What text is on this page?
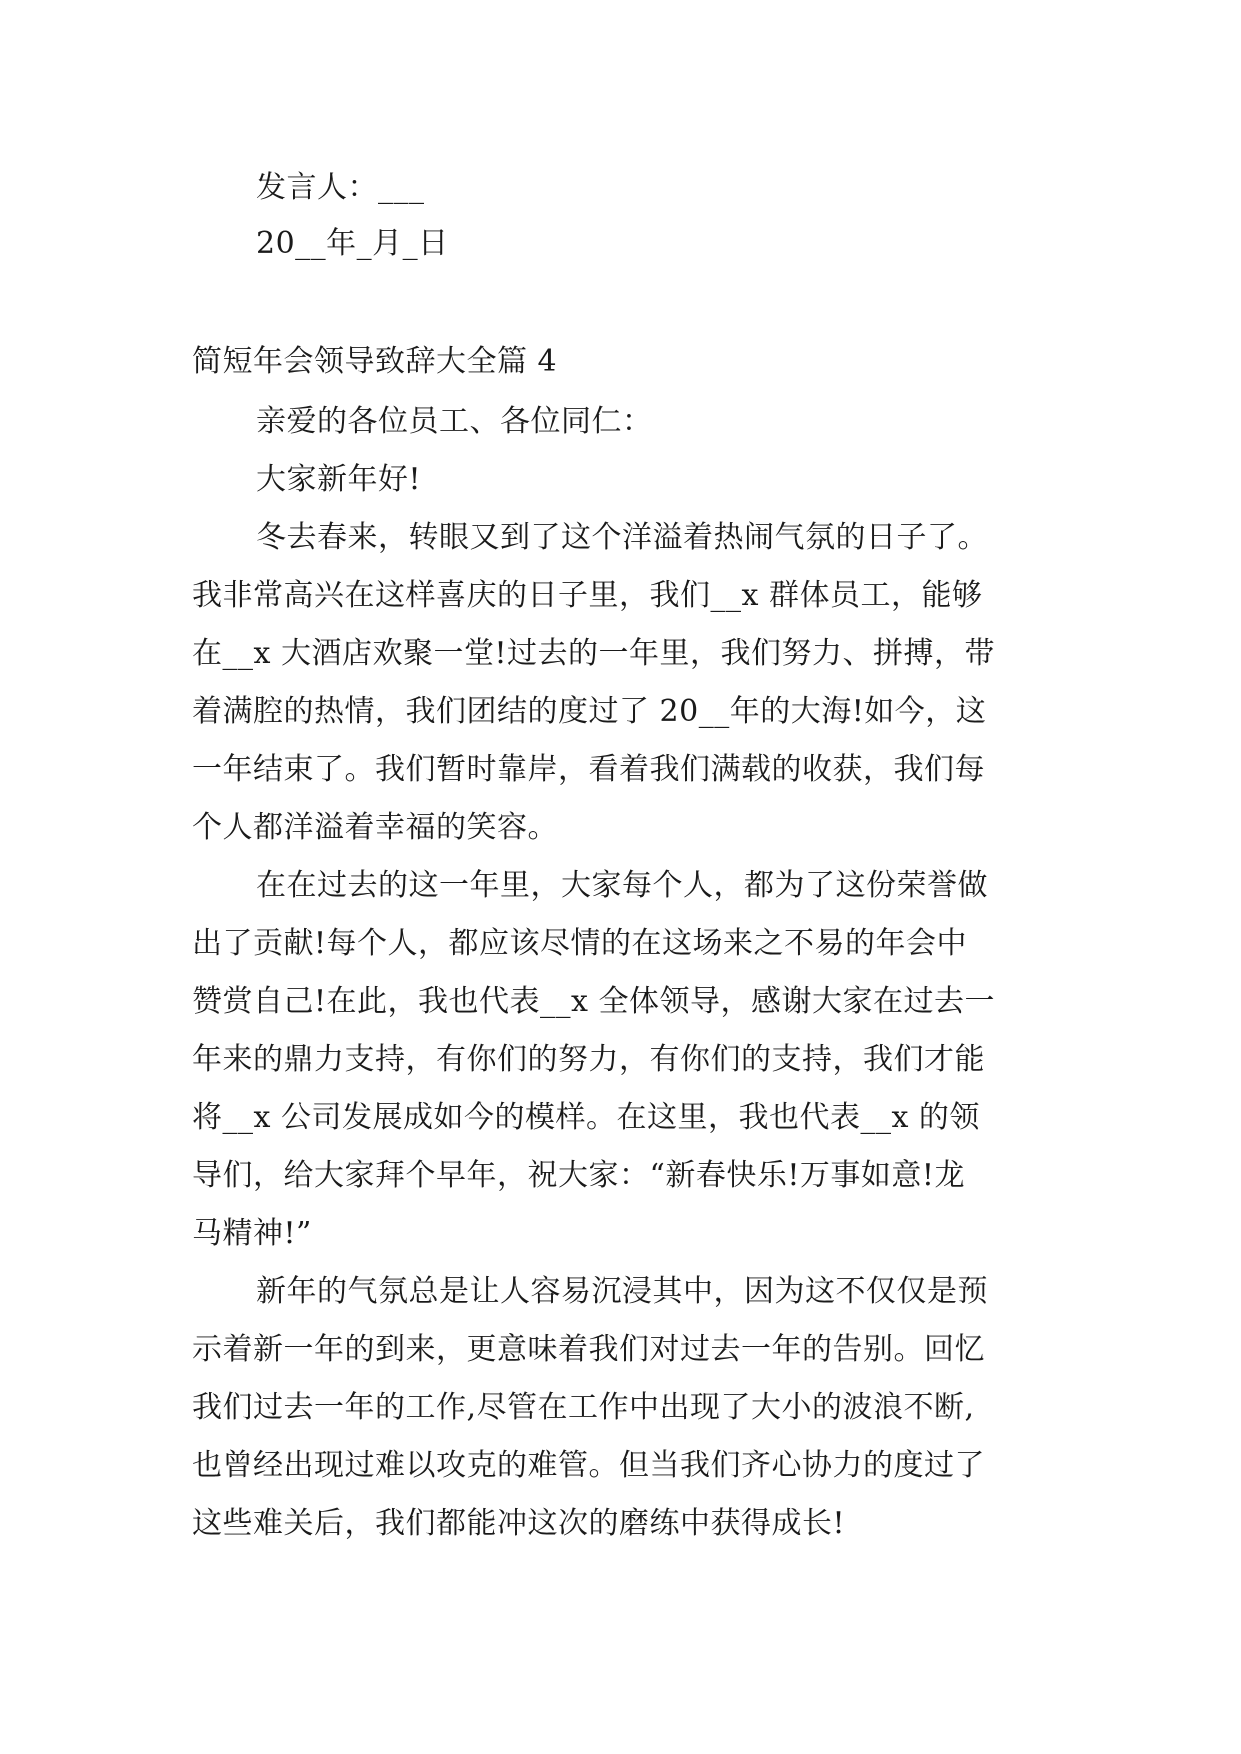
发言人：___
20__年_月_日
简短年会领导致辞大全篇 4
亲爱的各位员工、各位同仁：
大家新年好!
冬去春来，转眼又到了这个洋溢着热闹气氛的日子了。
我非常高兴在这样喜庆的日子里，我们__x 群体员工，能够
在__x 大酒店欢聚一堂!过去的一年里，我们努力、拼搏，带
着满腔的热情，我们团结的度过了 20__年的大海!如今，这
一年结束了。我们暂时靠岸，看着我们满载的收获，我们每
个人都洋溢着幸福的笑容。
在在过去的这一年里，大家每个人，都为了这份荣誉做
出了贡献!每个人，都应该尽情的在这场来之不易的年会中
赞赏自己!在此，我也代表__x 全体领导，感谢大家在过去一
年来的鼎力支持，有你们的努力，有你们的支持，我们才能
将__x 公司发展成如今的模样。在这里，我也代表__x 的领
导们，给大家拜个早年，祝大家：“新春快乐!万事如意!龙
马精神!”
新年的气氛总是让人容易沉浸其中，因为这不仅仅是预
示着新一年的到来，更意味着我们对过去一年的告别。回忆
我们过去一年的工作,尽管在工作中出现了大小的波浪不断,
也曾经出现过难以攻克的难管。但当我们齐心协力的度过了
这些难关后，我们都能冲这次的磨练中获得成长!
